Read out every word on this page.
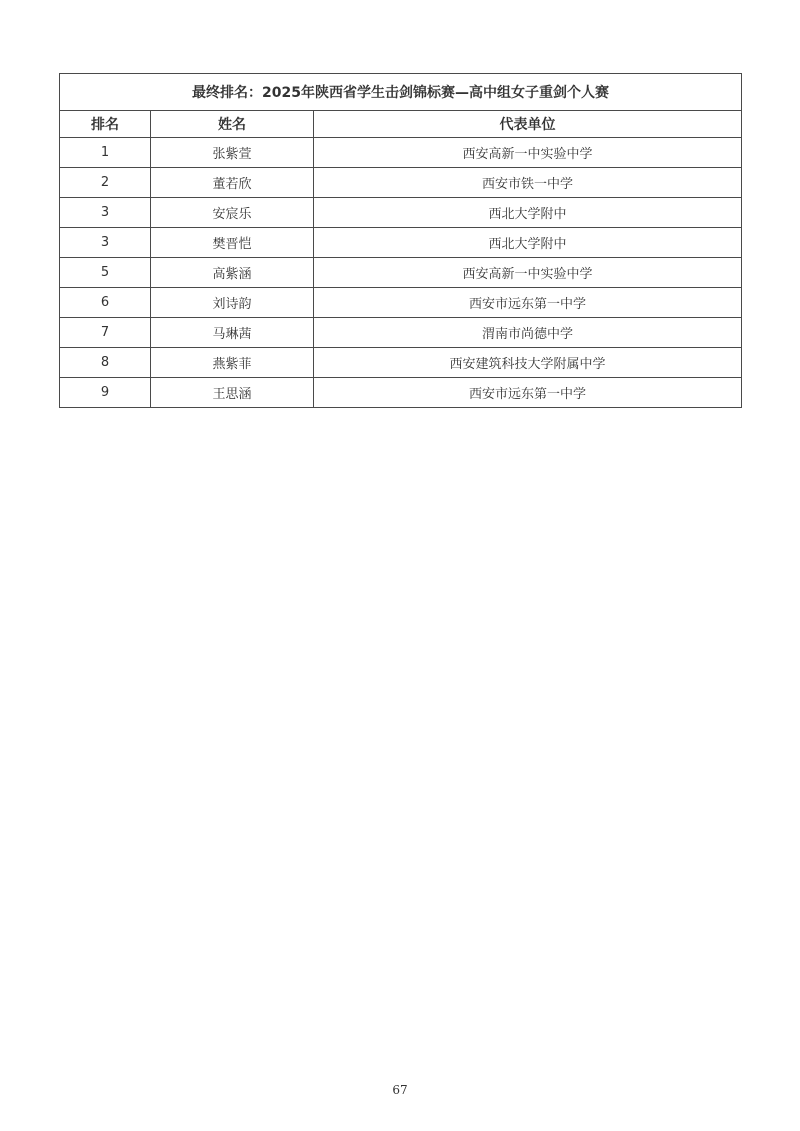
最终排名：2025年陕西省学生击剑锦标赛—高中组女子重剑个人赛		
排名	姓名	代表单位
1	张紫萱	西安高新一中实验中学
2	董若欣	西安市铁一中学
3	安宸乐	西北大学附中
3	樊晋恺	西北大学附中
5	高紫涵	西安高新一中实验中学
6	刘诗韵	西安市远东第一中学
7	马琳茜	渭南市尚德中学
8	燕紫菲	西安建筑科技大学附属中学
9	王思涵	西安市远东第一中学
67
